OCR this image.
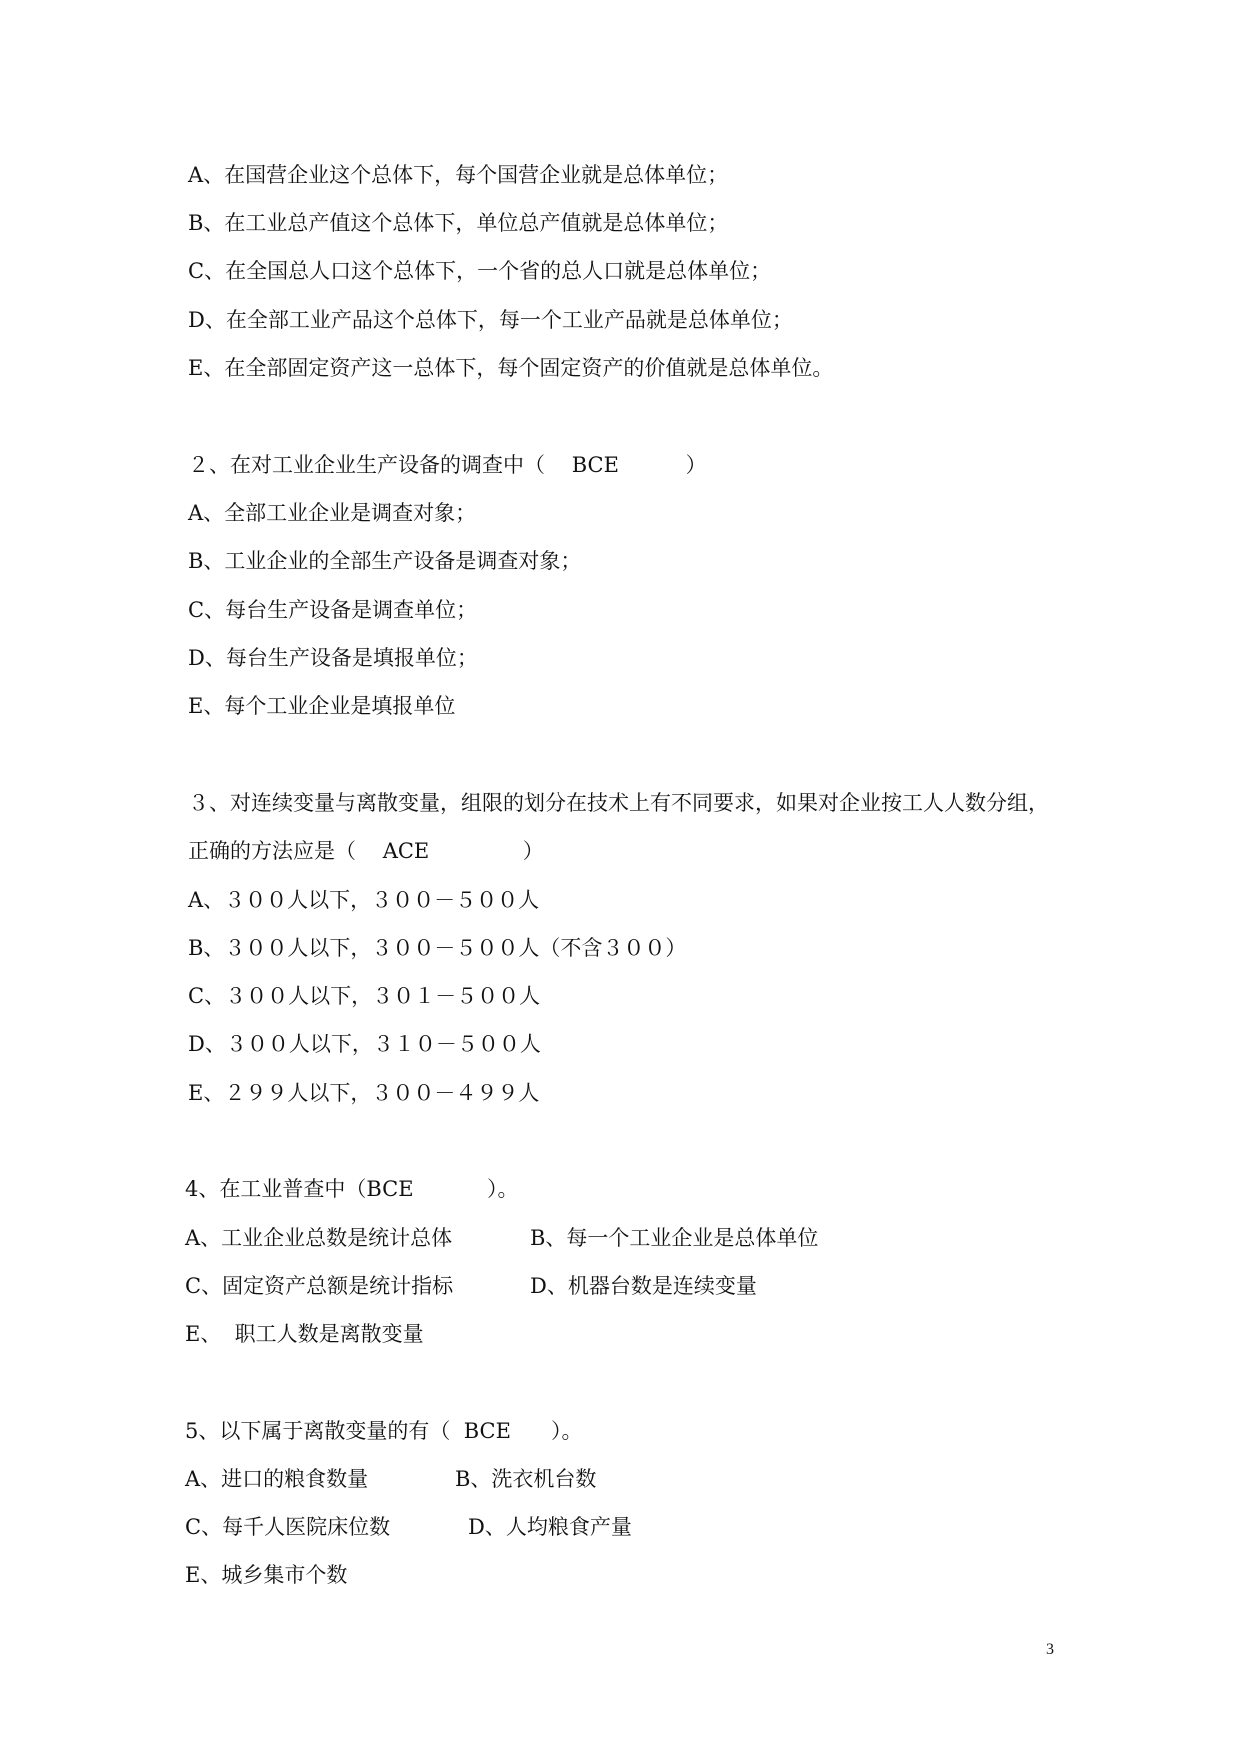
A、在国营企业这个总体下，每个国营企业就是总体单位；
B、在工业总产值这个总体下，单位总产值就是总体单位；
C、在全国总人口这个总体下，一个省的总人口就是总体单位；
D、在全部工业产品这个总体下，每一个工业产品就是总体单位；
E、在全部固定资产这一总体下，每个固定资产的价值就是总体单位。
２、在对工业企业生产设备的调查中（    BCE          ）
A、全部工业企业是调查对象；
B、工业企业的全部生产设备是调查对象；
C、每台生产设备是调查单位；
D、每台生产设备是填报单位；
E、每个工业企业是填报单位
３、对连续变量与离散变量，组限的划分在技术上有不同要求，如果对企业按工人人数分组，
正确的方法应是（    ACE              ）
A、３００人以下，３００－５００人
B、３００人以下，３００－５００人（不含３００）
C、３００人以下，３０１－５００人
D、３００人以下，３１０－５００人
E、２９９人以下，３００－４９９人
4、在工业普查中（BCE           ）。
A、工业企业总数是统计总体	B、每一个工业企业是总体单位
C、固定资产总额是统计指标	D、机器台数是连续变量
E、  职工人数是离散变量
5、以下属于离散变量的有（  BCE      ）。
A、进口的粮食数量	B、洗衣机台数
C、每千人医院床位数	D、人均粮食产量
E、城乡集市个数
3
